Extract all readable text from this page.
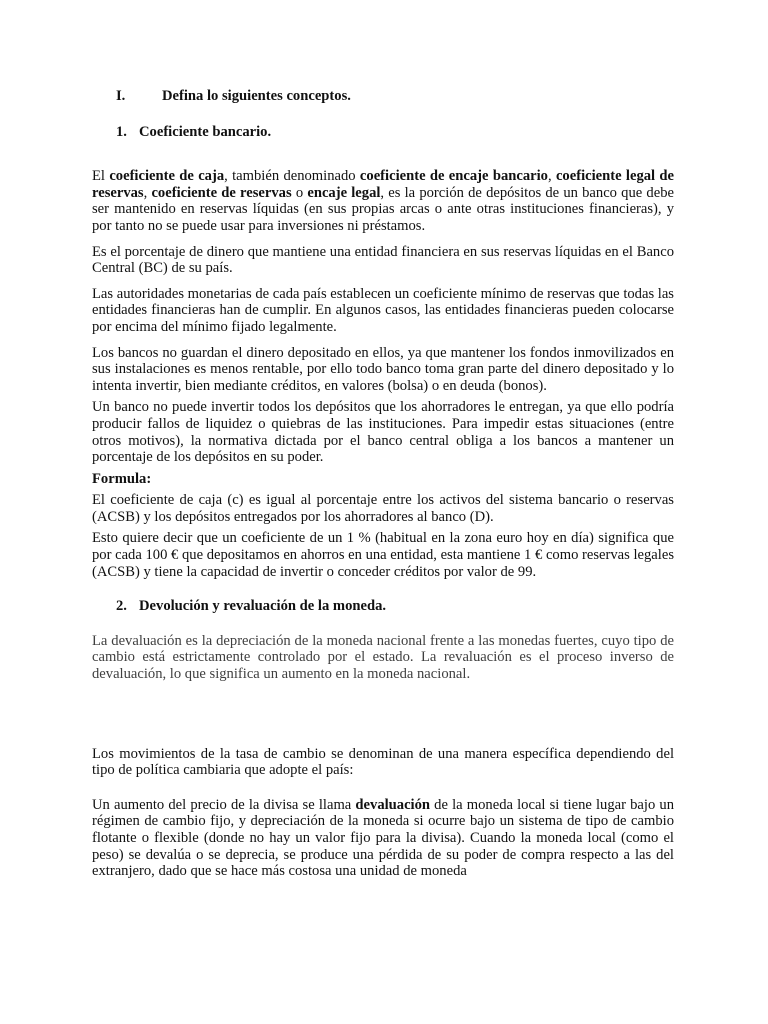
I.	Defina lo siguientes conceptos.
1. Coeficiente bancario.

El coeficiente de caja, también denominado coeficiente de encaje bancario, coeficiente legal de reservas, coeficiente de reservas o encaje legal, es la porción de depósitos de un banco que debe ser mantenido en reservas líquidas (en sus propias arcas o ante otras instituciones financieras), y por tanto no se puede usar para inversiones ni préstamos.

Es el porcentaje de dinero que mantiene una entidad financiera en sus reservas líquidas en el Banco Central (BC) de su país.

Las autoridades monetarias de cada país establecen un coeficiente mínimo de reservas que todas las entidades financieras han de cumplir. En algunos casos, las entidades financieras pueden colocarse por encima del mínimo fijado legalmente.

Los bancos no guardan el dinero depositado en ellos, ya que mantener los fondos inmovilizados en sus instalaciones es menos rentable, por ello todo banco toma gran parte del dinero depositado y lo intenta invertir, bien mediante créditos, en valores (bolsa) o en deuda (bonos).

Un banco no puede invertir todos los depósitos que los ahorradores le entregan, ya que ello podría producir fallos de liquidez o quiebras de las instituciones. Para impedir estas situaciones (entre otros motivos), la normativa dictada por el banco central obliga a los bancos a mantener un porcentaje de los depósitos en su poder.

Formula:

El coeficiente de caja (c) es igual al porcentaje entre los activos del sistema bancario o reservas (ACSB) y los depósitos entregados por los ahorradores al banco (D).

Esto quiere decir que un coeficiente de un 1 % (habitual en la zona euro hoy en día) significa que por cada 100 € que depositamos en ahorros en una entidad, esta mantiene 1 € como reservas legales (ACSB) y tiene la capacidad de invertir o conceder créditos por valor de 99.

2. Devolución y revaluación de la moneda.

La devaluación es la depreciación de la moneda nacional frente a las monedas fuertes, cuyo tipo de cambio está estrictamente controlado por el estado. La revaluación es el proceso inverso de devaluación, lo que significa un aumento en la moneda nacional.

Los movimientos de la tasa de cambio se denominan de una manera específica dependiendo del tipo de política cambiaria que adopte el país:

Un aumento del precio de la divisa se llama devaluación de la moneda local si tiene lugar bajo un régimen de cambio fijo, y depreciación de la moneda si ocurre bajo un sistema de tipo de cambio flotante o flexible (donde no hay un valor fijo para la divisa). Cuando la moneda local (como el peso) se devalúa o se deprecia, se produce una pérdida de su poder de compra respecto a las del extranjero, dado que se hace más costosa una unidad de moneda
